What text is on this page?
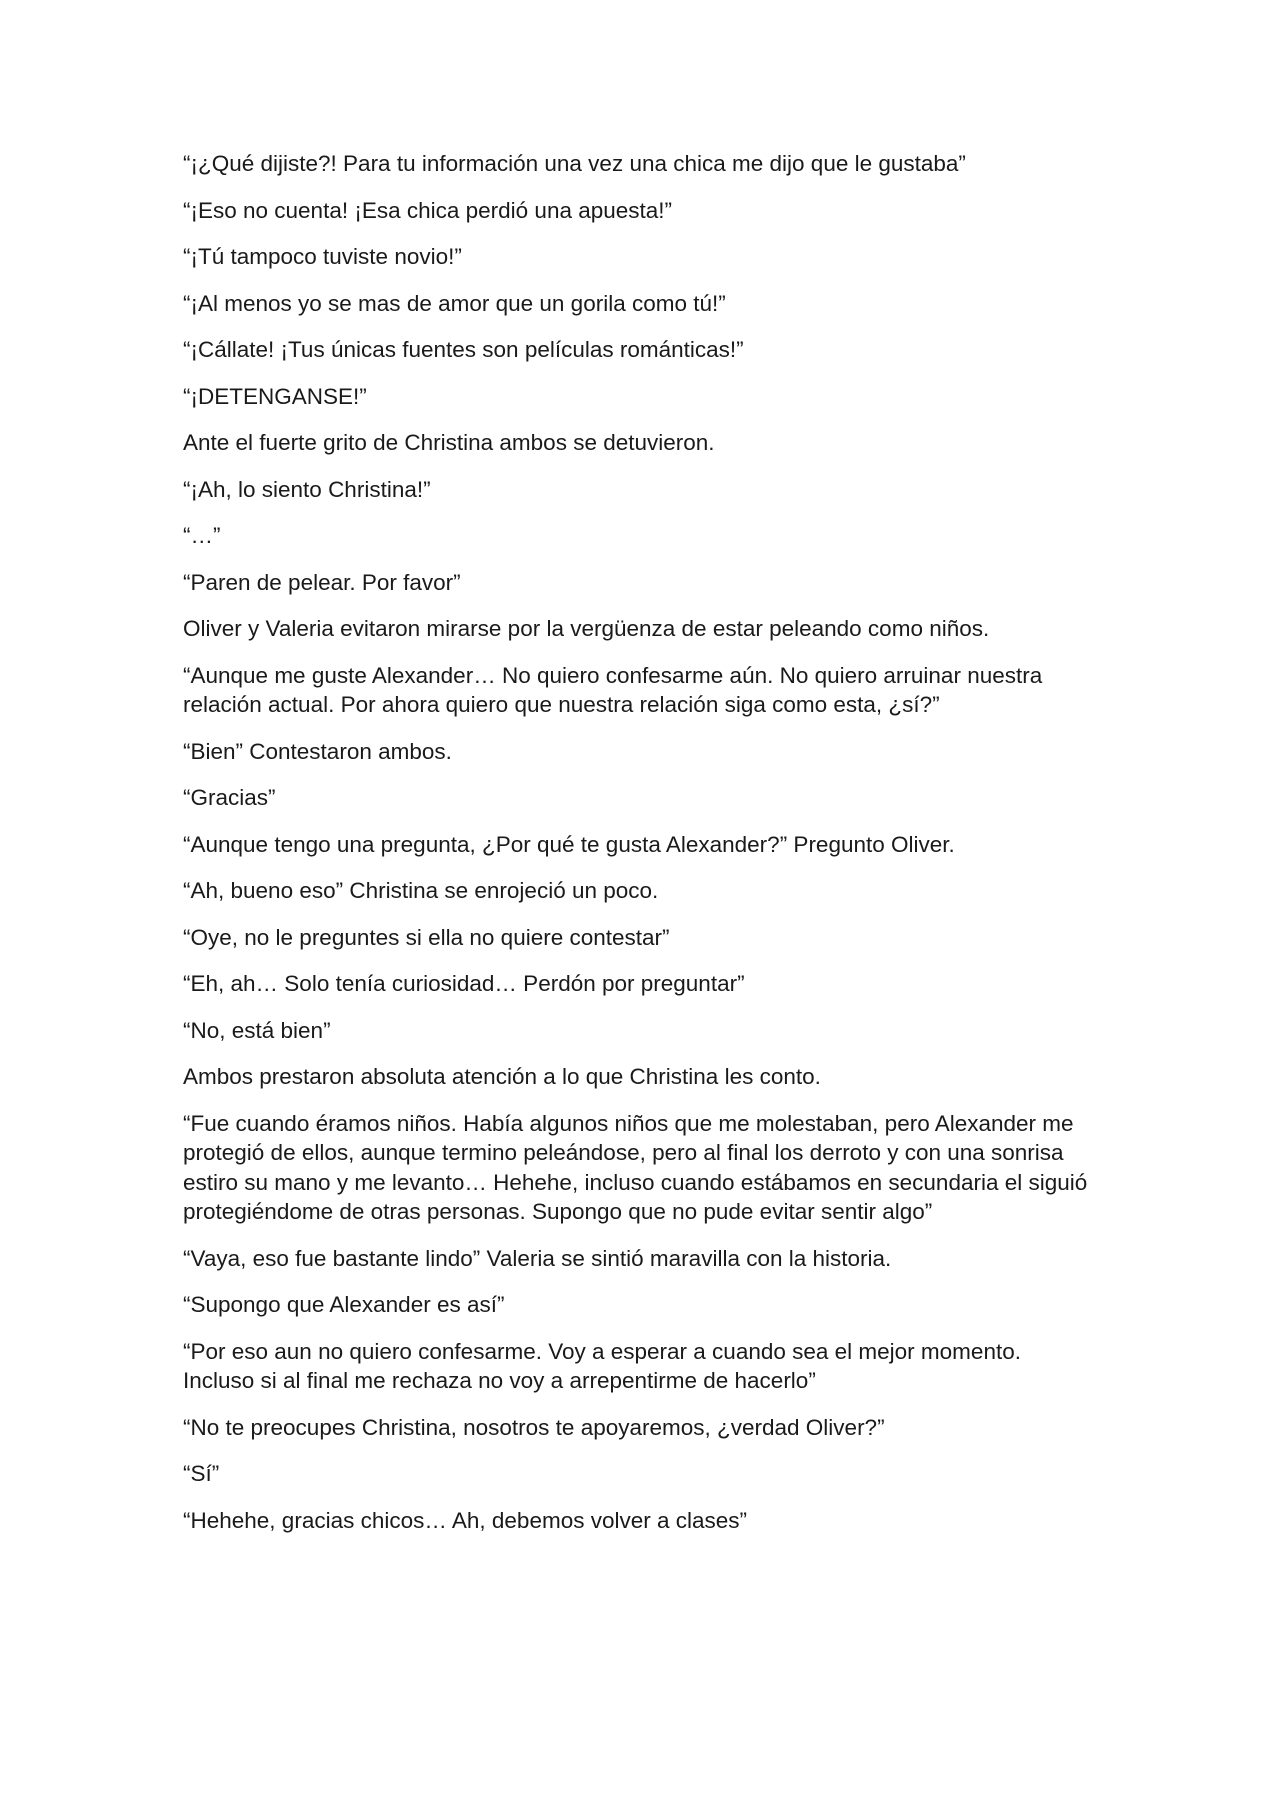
“¡¿Qué dijiste?! Para tu información una vez una chica me dijo que le gustaba”

“¡Eso no cuenta! ¡Esa chica perdió una apuesta!”

“¡Tú tampoco tuviste novio!”

“¡Al menos yo se mas de amor que un gorila como tú!”

“¡Cállate! ¡Tus únicas fuentes son películas románticas!”

“¡DETENGANSE!”

Ante el fuerte grito de Christina ambos se detuvieron.

“¡Ah, lo siento Christina!”

“…”

“Paren de pelear. Por favor”

Oliver y Valeria evitaron mirarse por la vergüenza de estar peleando como niños.

“Aunque me guste Alexander… No quiero confesarme aún. No quiero arruinar nuestra relación actual. Por ahora quiero que nuestra relación siga como esta, ¿sí?”

“Bien” Contestaron ambos.

“Gracias”

“Aunque tengo una pregunta, ¿Por qué te gusta Alexander?” Pregunto Oliver.

“Ah, bueno eso” Christina se enrojeció un poco.

“Oye, no le preguntes si ella no quiere contestar”

“Eh, ah… Solo tenía curiosidad… Perdón por preguntar”

“No, está bien”

Ambos prestaron absoluta atención a lo que Christina les conto.

“Fue cuando éramos niños. Había algunos niños que me molestaban, pero Alexander me protegió de ellos, aunque termino peleándose, pero al final los derroto y con una sonrisa estiro su mano y me levanto… Hehehe, incluso cuando estábamos en secundaria el siguió protegiéndome de otras personas. Supongo que no pude evitar sentir algo”

“Vaya, eso fue bastante lindo” Valeria se sintió maravilla con la historia.

“Supongo que Alexander es así”

“Por eso aun no quiero confesarme. Voy a esperar a cuando sea el mejor momento. Incluso si al final me rechaza no voy a arrepentirme de hacerlo”

“No te preocupes Christina, nosotros te apoyaremos, ¿verdad Oliver?”

“Sí”

“Hehehe, gracias chicos… Ah, debemos volver a clases”
